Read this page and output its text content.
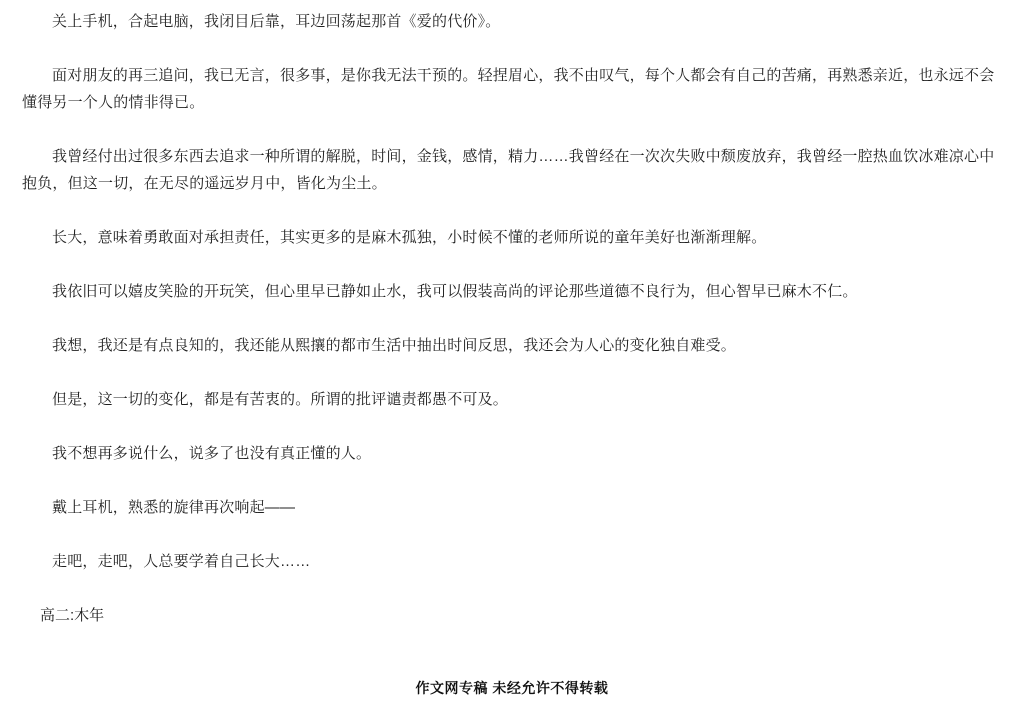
关上手机，合起电脑，我闭目后靠，耳边回荡起那首《爱的代价》。

面对朋友的再三追问，我已无言，很多事，是你我无法干预的。轻捏眉心，我不由叹气，每个人都会有自己的苦痛，再熟悉亲近，也永远不会懂得另一个人的情非得已。

我曾经付出过很多东西去追求一种所谓的解脱，时间，金钱，感情，精力……我曾经在一次次失败中颓废放弃，我曾经一腔热血饮冰难凉心中抱负，但这一切，在无尽的遥远岁月中，皆化为尘土。

长大，意味着勇敢面对承担责任，其实更多的是麻木孤独，小时候不懂的老师所说的童年美好也渐渐理解。

我依旧可以嬉皮笑脸的开玩笑，但心里早已静如止水，我可以假装高尚的评论那些道德不良行为，但心智早已麻木不仁。

我想，我还是有点良知的，我还能从熙攘的都市生活中抽出时间反思，我还会为人心的变化独自难受。

但是，这一切的变化，都是有苦衷的。所谓的批评谴责都愚不可及。

我不想再多说什么，说多了也没有真正懂的人。

戴上耳机，熟悉的旋律再次响起——

走吧，走吧，人总要学着自己长大……

高二:木年

作文网专稿 未经允许不得转载
